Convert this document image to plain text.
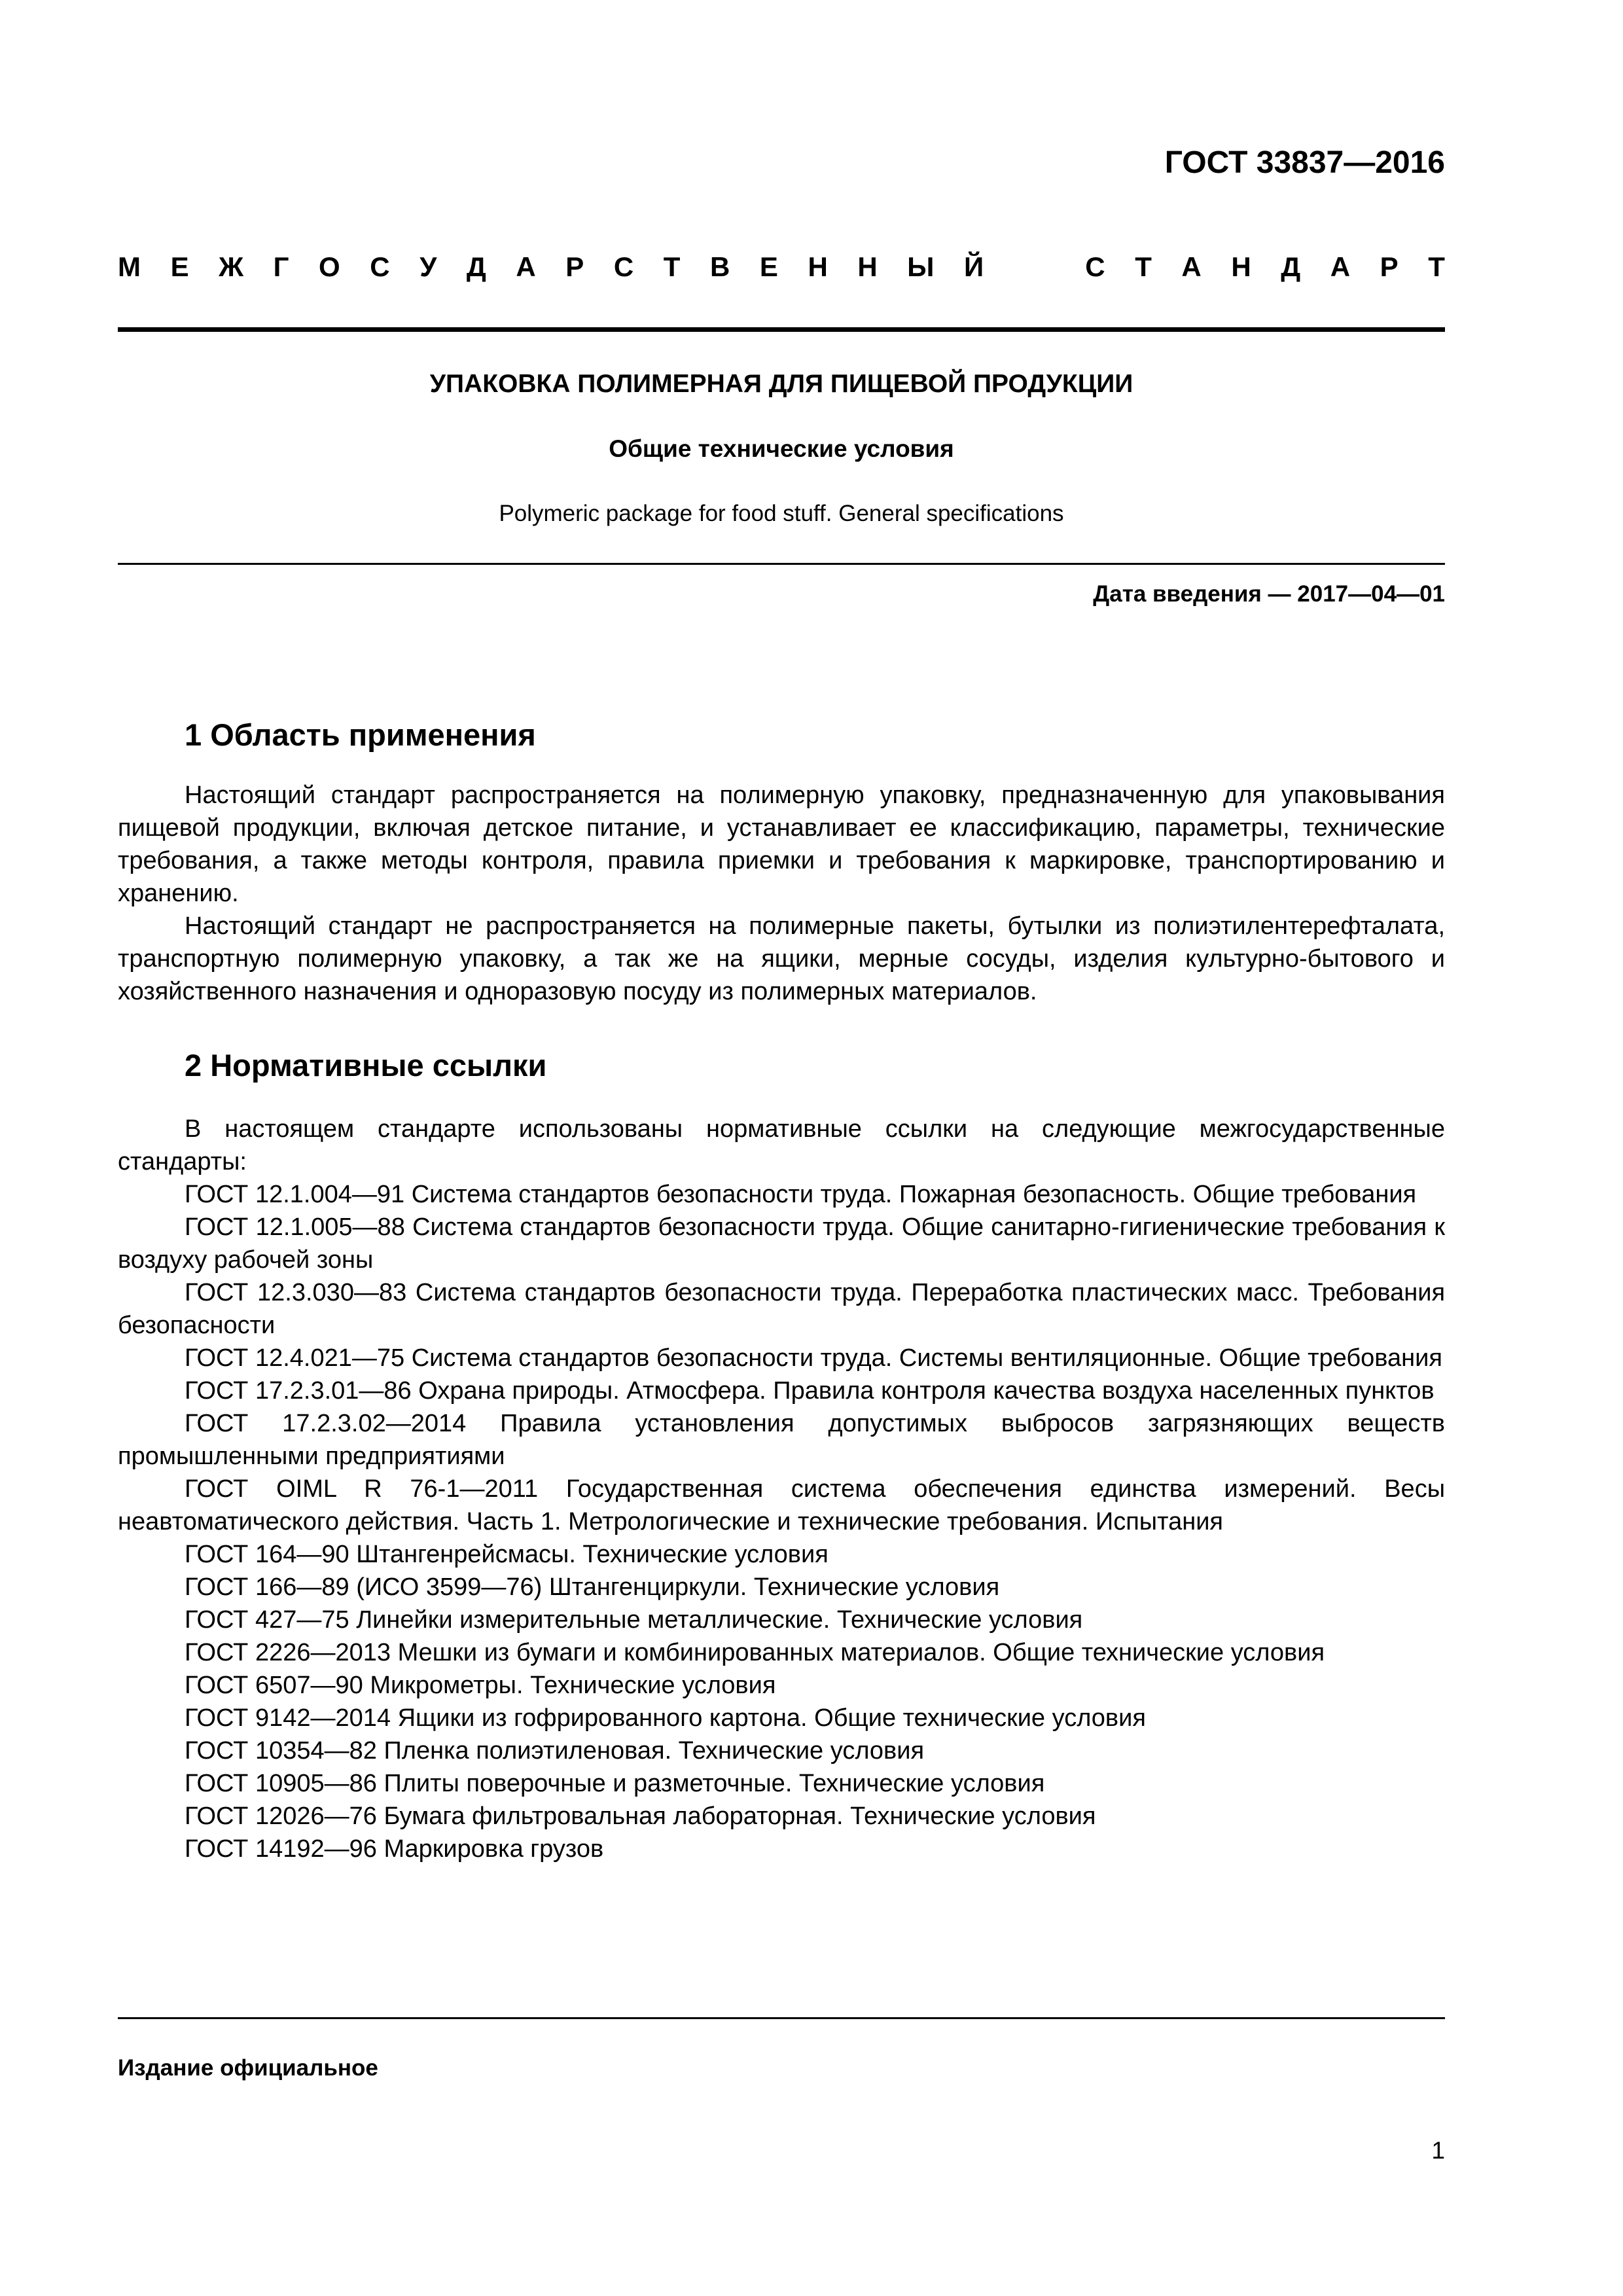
ГОСТ 33837—2016
М Е Ж Г О С У Д А Р С Т В Е Н Н Ы Й	С Т А Н Д А Р Т
УПАКОВКА ПОЛИМЕРНАЯ ДЛЯ ПИЩЕВОЙ ПРОДУКЦИИ
Общие технические условия
Polymeric package for food stuff. General specifications
Дата введения — 2017—04—01
1 Область применения

Настоящий стандарт распространяется на полимерную упаковку, предназначенную для упаковывания пищевой продукции, включая детское питание, и устанавливает ее классификацию, параметры, технические требования, а также методы контроля, правила приемки и требования к маркировке, транспортированию и хранению.

Настоящий стандарт не распространяется на полимерные пакеты, бутылки из полиэтилентерефталата, транспортную полимерную упаковку, а так же на ящики, мерные сосуды, изделия культурно-бытового и хозяйственного назначения и одноразовую посуду из полимерных материалов.

2 Нормативные ссылки
В настоящем стандарте использованы нормативные ссылки на следующие межгосударственные стандарты:
ГОСТ 12.1.004—91 Система стандартов безопасности труда. Пожарная безопасность. Общие требования
ГОСТ 12.1.005—88 Система стандартов безопасности труда. Общие санитарно-гигиенические требования к воздуху рабочей зоны
ГОСТ 12.3.030—83 Система стандартов безопасности труда. Переработка пластических масс. Требования безопасности
ГОСТ 12.4.021—75 Система стандартов безопасности труда. Системы вентиляционные. Общие требования
ГОСТ 17.2.3.01—86 Охрана природы. Атмосфера. Правила контроля качества воздуха населенных пунктов
ГОСТ 17.2.3.02—2014 Правила установления допустимых выбросов загрязняющих веществ промышленными предприятиями
ГОСТ OIML R 76-1—2011 Государственная система обеспечения единства измерений. Весы неавтоматического действия. Часть 1. Метрологические и технические требования. Испытания
ГОСТ 164—90 Штангенрейсмасы. Технические условия
ГОСТ 166—89 (ИСО 3599—76) Штангенциркули. Технические условия
ГОСТ 427—75 Линейки измерительные металлические. Технические условия
ГОСТ 2226—2013 Мешки из бумаги и комбинированных материалов. Общие технические условия
ГОСТ 6507—90 Микрометры. Технические условия
ГОСТ 9142—2014 Ящики из гофрированного картона. Общие технические условия
ГОСТ 10354—82 Пленка полиэтиленовая. Технические условия
ГОСТ 10905—86 Плиты поверочные и разметочные. Технические условия
ГОСТ 12026—76 Бумага фильтровальная лабораторная. Технические условия
ГОСТ 14192—96 Маркировка грузов
Издание официальное
1
